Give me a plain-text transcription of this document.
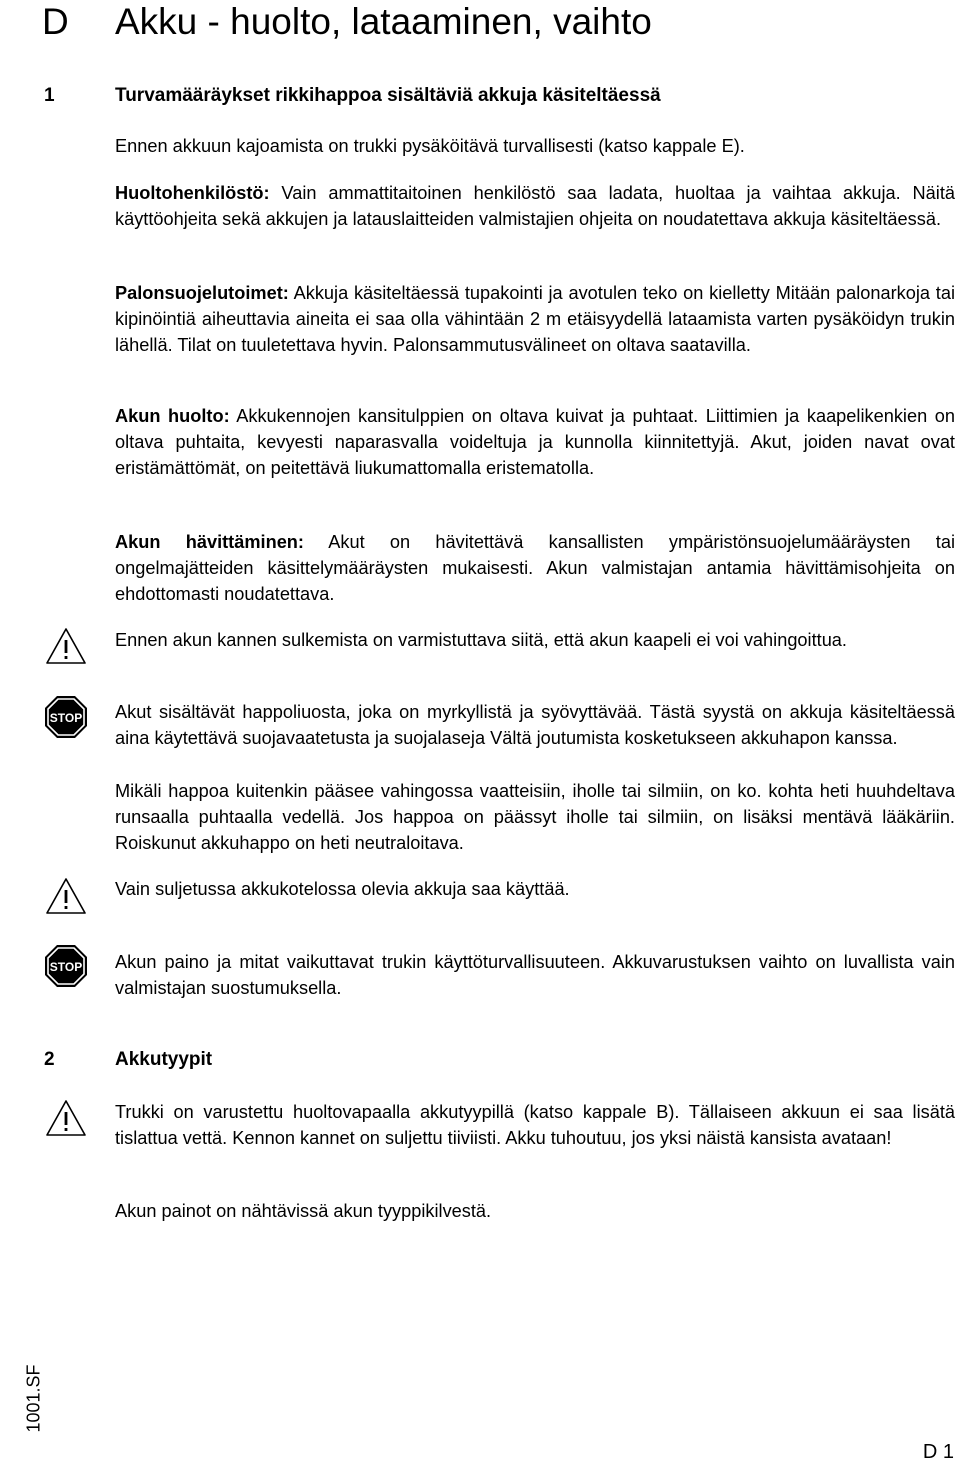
D Akku - huolto, lataaminen, vaihto
1	Turvamääräykset rikkihappoa sisältäviä akkuja käsiteltäessä

Ennen akkuun kajoamista on trukki pysäköitävä turvallisesti (katso kappale E).

Huoltohenkilöstö: Vain ammattitaitoinen henkilöstö saa ladata, huoltaa ja vaihtaa akkuja. Näitä käyttöohjeita sekä akkujen ja latauslaitteiden valmistajien ohjeita on noudatettava akkuja käsiteltäessä.

Palonsuojelutoimet: Akkuja käsiteltäessä tupakointi ja avotulen teko on kielletty Mitään palonarkoja tai kipinöintiä aiheuttavia aineita ei saa olla vähintään 2 m etäisyydellä lataamista varten pysäköidyn trukin lähellä. Tilat on tuuletettava hyvin. Palonsammutusvälineet on oltava saatavilla.

Akun huolto: Akkukennojen kansitulppien on oltava kuivat ja puhtaat. Liittimien ja kaapelikenkien on oltava puhtaita, kevyesti naparasvalla voideltuja ja kunnolla kiinnitettyjä. Akut, joiden navat ovat eristämättömät, on peitettävä liukumattomalla eristematolla.

Akun hävittäminen: Akut on hävitettävä kansallisten ympäristönsuojelumääräysten tai ongelmajätteiden käsittelymääräysten mukaisesti. Akun valmistajan antamia hävittämisohjeita on ehdottomasti noudatettava.

Ennen akun kannen sulkemista on varmistuttava siitä, että akun kaapeli ei voi vahingoittua.

STOP Akut sisältävät happoliuosta, joka on myrkyllistä ja syövyttävää. Tästä syystä on akkuja käsiteltäessä aina käytettävä suojavaatetusta ja suojalaseja Vältä joutumista kosketukseen akkuhapon kanssa.

Mikäli happoa kuitenkin pääsee vahingossa vaatteisiin, iholle tai silmiin, on ko. kohta heti huuhdeltava runsaalla puhtaalla vedellä. Jos happoa on päässyt iholle tai silmiin, on lisäksi mentävä lääkäriin. Roiskunut akkuhappo on heti neutraloitava.

Vain suljetussa akkukotelossa olevia akkuja saa käyttää.

STOP Akun paino ja mitat vaikuttavat trukin käyttöturvallisuuteen. Akkuvarustuksen vaihto on luvallista vain valmistajan suostumuksella.

2	Akkutyypit

Trukki on varustettu huoltovapaalla akkutyypillä (katso kappale B). Tällaiseen akkuun ei saa lisätä tislattua vettä. Kennon kannet on suljettu tiiviisti. Akku tuhoutuu, jos yksi näistä kansista avataan!

Akun painot on nähtävissä akun tyyppikilvestä.

1001.SF
D 1
